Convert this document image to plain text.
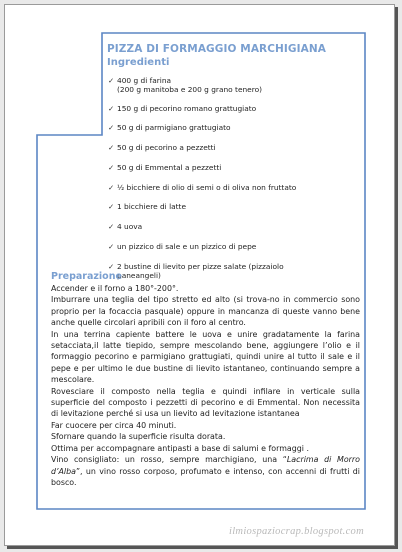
PIZZA DI FORMAGGIO MARCHIGIANA
Ingredienti
✓ 400 g di farina
(200 g manitoba e 200 g grano tenero)
✓ 150 g di pecorino romano grattugiato
✓ 50 g di parmigiano grattugiato
✓ 50 g di pecorino a pezzetti
✓ 50 g di Emmental a pezzetti
✓ ½ bicchiere di olio di semi o di oliva non fruttato
✓ 1 bicchiere di latte
✓ 4 uova
✓ un pizzico di sale e un pizzico di pepe
✓ 2 bustine di lievito per pizze salate (pizzaiolo
paneangeli)
Preparazione

Accender e il forno a 180°-200°.

Imburrare una teglia del tipo stretto ed alto (si trova-no in commercio sono proprio per la focaccia pasquale) oppure in mancanza di queste vanno bene anche quelle circolari apribili con il foro al centro.

In una terrina capiente battere le uova e unire gradatamente la farina setacciata,il latte tiepido, sempre mescolando bene, aggiungere l’olio e il formaggio pecorino e parmigiano grattugiati, quindi unire al tutto il sale e il pepe e per ultimo le due bustine di lievito istantaneo, continuando sempre a mescolare.

Rovesciare il composto nella teglia e quindi infilare in verticale sulla superficie del composto i pezzetti di pecorino e di Emmental. Non necessita di levitazione perché si usa un lievito ad levitazione istantanea

Far cuocere per circa 40 minuti.

Sfornare quando la superficie risulta dorata.

Ottima per accompagnare antipasti a base di salumi e formaggi .

Vino consigliato: un rosso, sempre marchigiano, una “Lacrima di Morro d’Alba”, un vino rosso corposo, profumato e intenso, con accenni di frutti di bosco.

ilmiospaziocrap.blogspot.com
